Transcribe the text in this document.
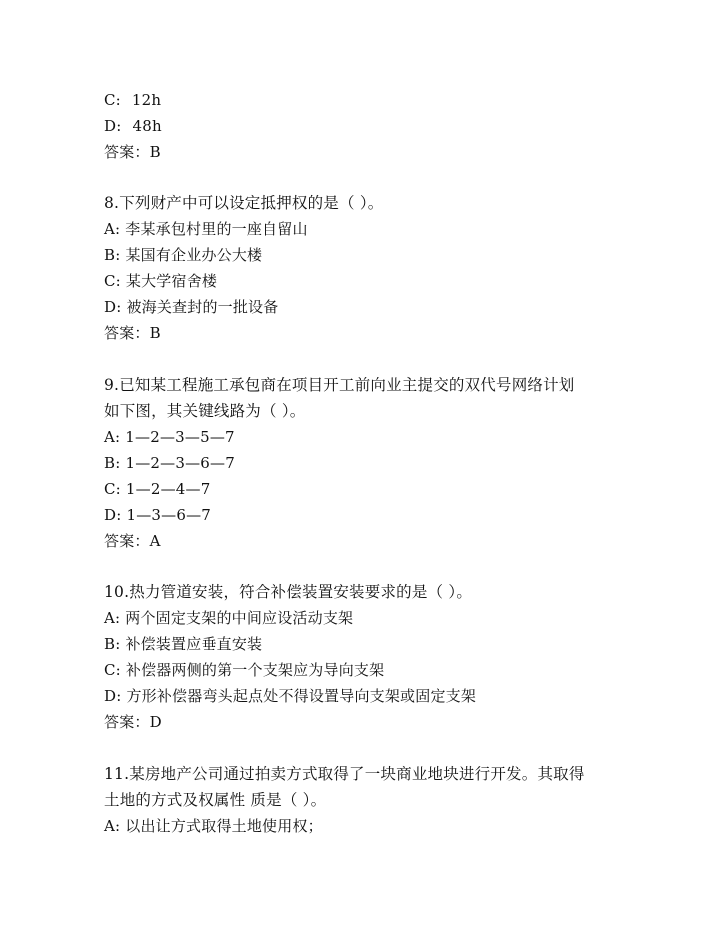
C: 12h
D: 48h
答案：B
8.下列财产中可以设定抵押权的是（ ）。
A: 李某承包村里的一座自留山
B: 某国有企业办公大楼
C: 某大学宿舍楼
D: 被海关查封的一批设备
答案：B
9.已知某工程施工承包商在项目开工前向业主提交的双代号网络计划
如下图，其关键线路为（ ）。
A: 1—2—3—5—7
B: 1—2—3—6—7
C: 1—2—4—7
D: 1—3—6—7
答案：A
10.热力管道安装，符合补偿装置安装要求的是（ ）。
A: 两个固定支架的中间应设活动支架
B: 补偿装置应垂直安装
C: 补偿器两侧的第一个支架应为导向支架
D: 方形补偿器弯头起点处不得设置导向支架或固定支架
答案：D
11.某房地产公司通过拍卖方式取得了一块商业地块进行开发。其取得
土地的方式及权属性 质是（ ）。
A: 以出让方式取得土地使用权；
